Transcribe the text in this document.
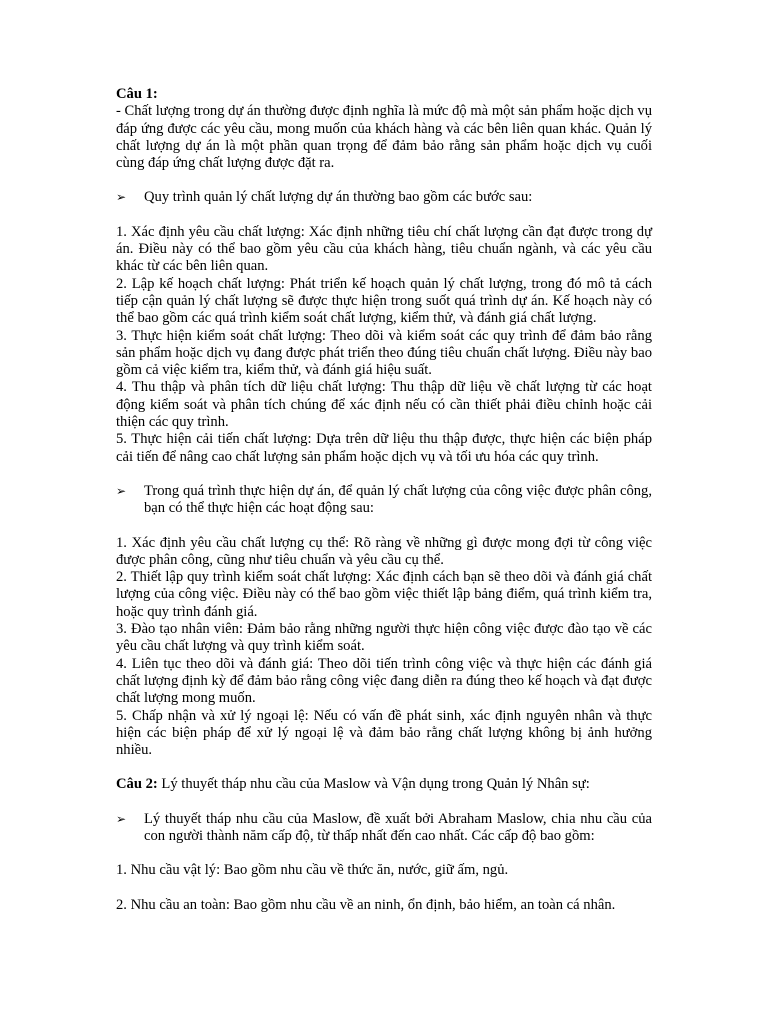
Câu 1:

- Chất lượng trong dự án thường được định nghĩa là mức độ mà một sản phẩm hoặc dịch vụ đáp ứng được các yêu cầu, mong muốn của khách hàng và các bên liên quan khác. Quản lý chất lượng dự án là một phần quan trọng để đảm bảo rằng sản phẩm hoặc dịch vụ cuối cùng đáp ứng chất lượng được đặt ra.

➢	Quy trình quản lý chất lượng dự án thường bao gồm các bước sau:

1. Xác định yêu cầu chất lượng: Xác định những tiêu chí chất lượng cần đạt được trong dự án. Điều này có thể bao gồm yêu cầu của khách hàng, tiêu chuẩn ngành, và các yêu cầu khác từ các bên liên quan.

2. Lập kế hoạch chất lượng: Phát triển kế hoạch quản lý chất lượng, trong đó mô tả cách tiếp cận quản lý chất lượng sẽ được thực hiện trong suốt quá trình dự án. Kế hoạch này có thể bao gồm các quá trình kiểm soát chất lượng, kiểm thử, và đánh giá chất lượng.

3. Thực hiện kiểm soát chất lượng: Theo dõi và kiểm soát các quy trình để đảm bảo rằng sản phẩm hoặc dịch vụ đang được phát triển theo đúng tiêu chuẩn chất lượng. Điều này bao gồm cả việc kiểm tra, kiểm thử, và đánh giá hiệu suất.

4. Thu thập và phân tích dữ liệu chất lượng: Thu thập dữ liệu về chất lượng từ các hoạt động kiểm soát và phân tích chúng để xác định nếu có cần thiết phải điều chỉnh hoặc cải thiện các quy trình.

5. Thực hiện cải tiến chất lượng: Dựa trên dữ liệu thu thập được, thực hiện các biện pháp cải tiến để nâng cao chất lượng sản phẩm hoặc dịch vụ và tối ưu hóa các quy trình.

➢	Trong quá trình thực hiện dự án, để quản lý chất lượng của công việc được phân công, bạn có thể thực hiện các hoạt động sau:

1. Xác định yêu cầu chất lượng cụ thể: Rõ ràng về những gì được mong đợi từ công việc được phân công, cũng như tiêu chuẩn và yêu cầu cụ thể.

2. Thiết lập quy trình kiểm soát chất lượng: Xác định cách bạn sẽ theo dõi và đánh giá chất lượng của công việc. Điều này có thể bao gồm việc thiết lập bảng điểm, quá trình kiểm tra, hoặc quy trình đánh giá.

3. Đào tạo nhân viên: Đảm bảo rằng những người thực hiện công việc được đào tạo về các yêu cầu chất lượng và quy trình kiểm soát.

4. Liên tục theo dõi và đánh giá: Theo dõi tiến trình công việc và thực hiện các đánh giá chất lượng định kỳ để đảm bảo rằng công việc đang diễn ra đúng theo kế hoạch và đạt được chất lượng mong muốn.

5. Chấp nhận và xử lý ngoại lệ: Nếu có vấn đề phát sinh, xác định nguyên nhân và thực hiện các biện pháp để xử lý ngoại lệ và đảm bảo rằng chất lượng không bị ảnh hưởng nhiều.

Câu 2: Lý thuyết tháp nhu cầu của Maslow và Vận dụng trong Quản lý Nhân sự:

➢	Lý thuyết tháp nhu cầu của Maslow, đề xuất bởi Abraham Maslow, chia nhu cầu của con người thành năm cấp độ, từ thấp nhất đến cao nhất. Các cấp độ bao gồm:

1. Nhu cầu vật lý: Bao gồm nhu cầu về thức ăn, nước, giữ ấm, ngủ.

2. Nhu cầu an toàn: Bao gồm nhu cầu về an ninh, ổn định, bảo hiểm, an toàn cá nhân.
